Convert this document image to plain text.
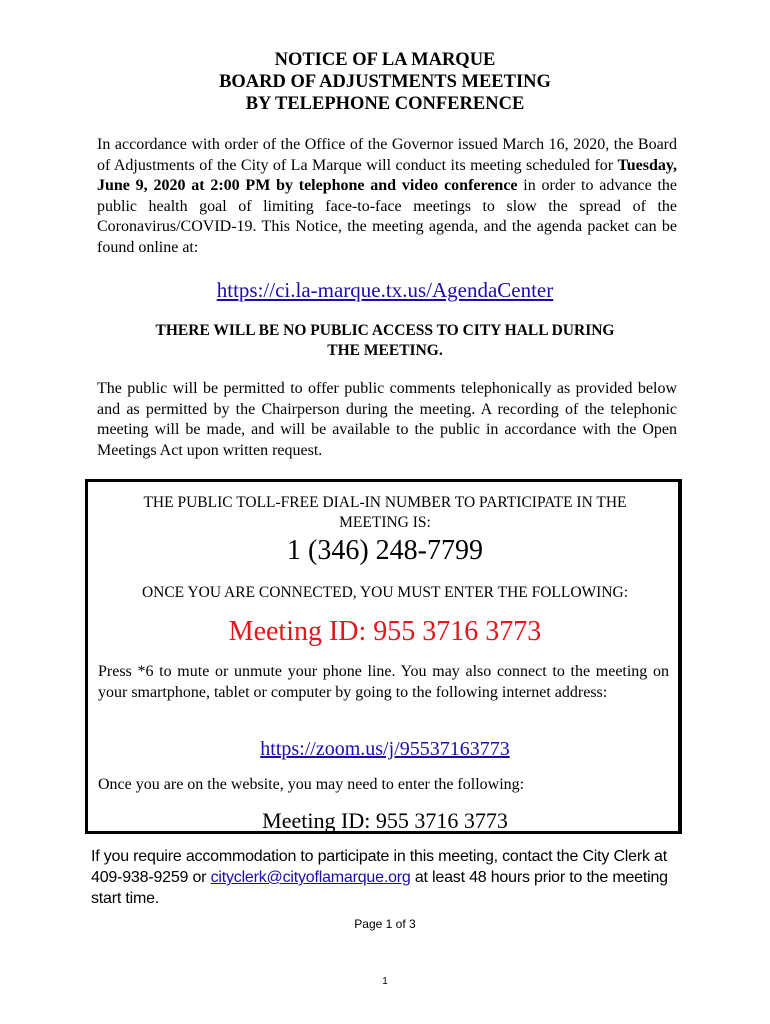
NOTICE OF LA MARQUE
BOARD OF ADJUSTMENTS MEETING
BY TELEPHONE CONFERENCE
In accordance with order of the Office of the Governor issued March 16, 2020, the Board of Adjustments of the City of La Marque will conduct its meeting scheduled for Tuesday, June 9, 2020 at 2:00 PM by telephone and video conference in order to advance the public health goal of limiting face-to-face meetings to slow the spread of the Coronavirus/COVID-19. This Notice, the meeting agenda, and the agenda packet can be found online at:
https://ci.la-marque.tx.us/AgendaCenter
THERE WILL BE NO PUBLIC ACCESS TO CITY HALL DURING
THE MEETING.
The public will be permitted to offer public comments telephonically as provided below and as permitted by the Chairperson during the meeting. A recording of the telephonic meeting will be made, and will be available to the public in accordance with the Open Meetings Act upon written request.
THE PUBLIC TOLL-FREE DIAL-IN NUMBER TO PARTICIPATE IN THE
MEETING IS:
1 (346) 248-7799
ONCE YOU ARE CONNECTED, YOU MUST ENTER THE FOLLOWING:
Meeting ID: 955 3716 3773
Press *6 to mute or unmute your phone line. You may also connect to the meeting on your smartphone, tablet or computer by going to the following internet address:
https://zoom.us/j/95537163773
Once you are on the website, you may need to enter the following:
Meeting ID: 955 3716 3773
If you require accommodation to participate in this meeting, contact the City Clerk at 409-938-9259 or cityclerk@cityoflamarque.org at least 48 hours prior to the meeting start time.
Page 1 of 3
1
